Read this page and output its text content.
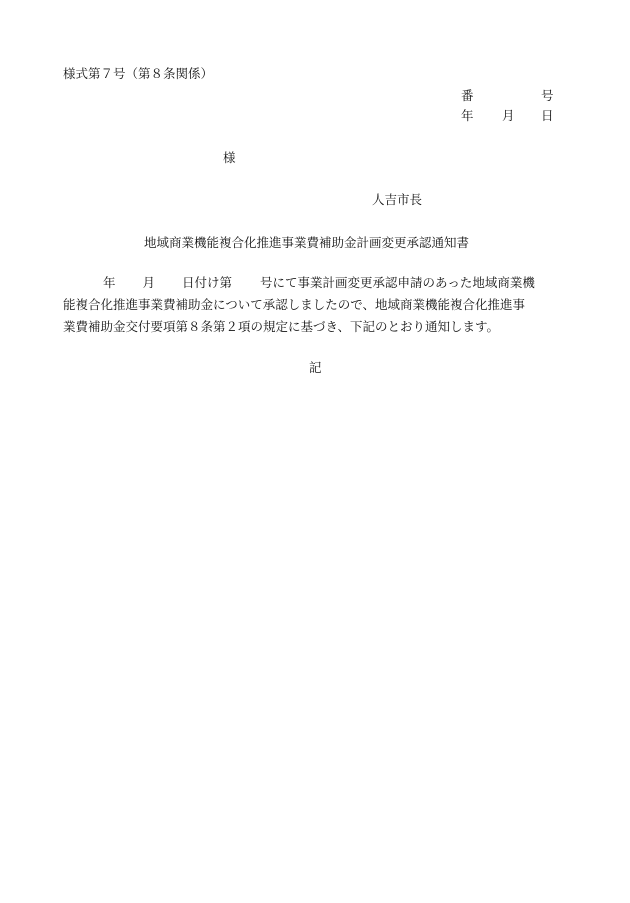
様式第７号（第８条関係）
番	号
年 月 日
様
人吉市長
地域商業機能複合化推進事業費補助金計画変更承認通知書
年 月 日付け第 号にて事業計画変更承認申請のあった地域商業機
能複合化推進事業費補助金について承認しましたので、地域商業機能複合化推進事
業費補助金交付要項第８条第２項の規定に基づき、下記のとおり通知します。
記
